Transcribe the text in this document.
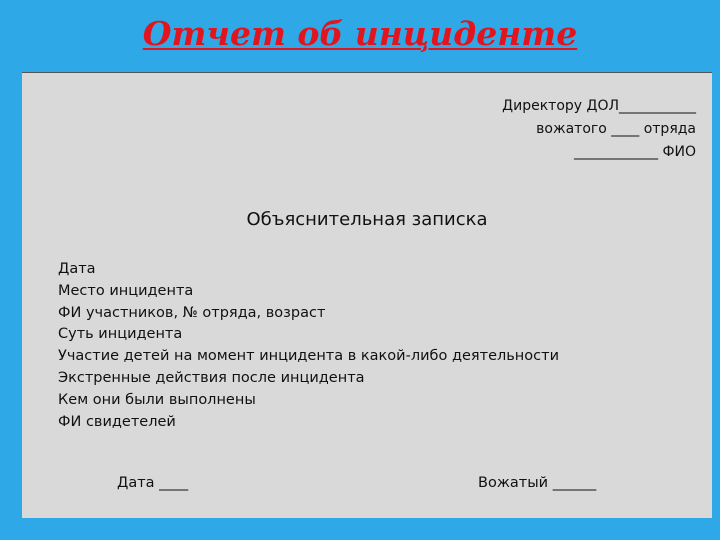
Отчет об инциденте
Директору ДОЛ___________
вожатого ____ отряда
____________ ФИО
Объяснительная записка
Дата
Место инцидента
ФИ участников, № отряда, возраст
Суть инцидента
Участие детей на момент инцидента в какой-либо деятельности
Экстренные действия после инцидента
Кем они были выполнены
ФИ свидетелей
Дата ____	Вожатый ______
